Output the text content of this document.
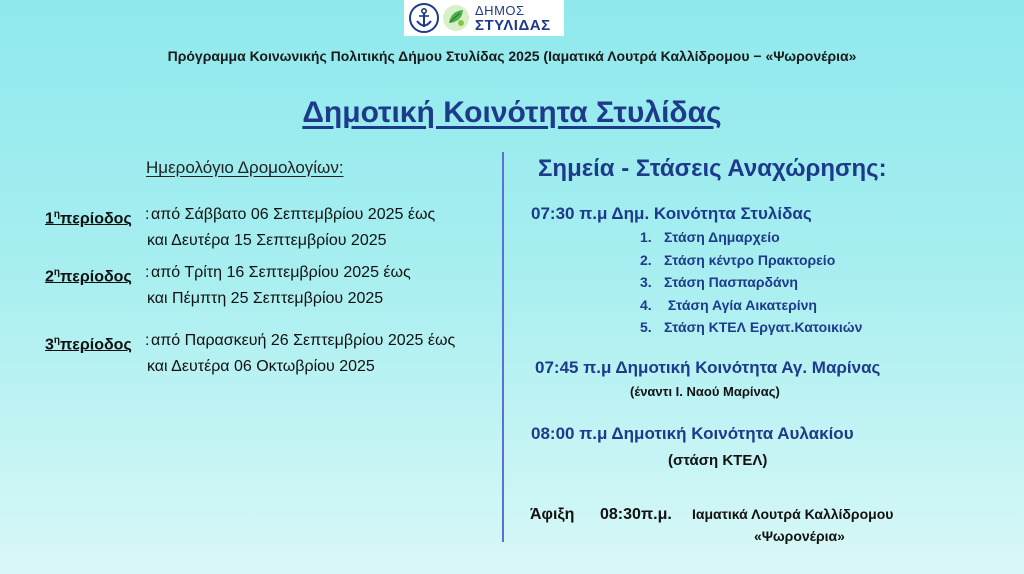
ΔΗΜΟΣ
ΣΤΥΛΙΔΑΣ
Πρόγραμμα Κοινωνικής Πολιτικής Δήμου Στυλίδας 2025 (Ιαματικά Λουτρά Καλλίδρομου − «Ψωρονέρια»
Δημοτική Κοινότητα Στυλίδας
Ημερολόγιο Δρομολογίων:
$1^\eta\pi\varepsilon\rho ίo\delta o\varsigma$ : από Σάββατο 06 Σεπτεμβρίου 2025 έως
και Δευτέρα 15 Σεπτεμβρίου 2025
$2^\eta\pi\varepsilon\rho ίo\delta o\varsigma$ : από Τρίτη 16 Σεπτεμβρίου 2025 έως
και Πέμπτη 25 Σεπτεμβρίου 2025
$3^\eta\pi\varepsilon\rho ίo\delta o\varsigma$ : από Παρασκευή 26 Σεπτεμβρίου 2025 έως
και Δευτέρα 06 Οκτωβρίου 2025
Σημεία - Στάσεις Αναχώρησης:
07:30 π.μ Δημ. Κοινότητα Στυλίδας
1. Στάση Δημαρχείο
2. Στάση κέντρο Πρακτορείο
3. Στάση Πασπαρδάνη
4. Στάση Αγία Αικατερίνη
5. Στάση ΚΤΕΛ Εργατ.Κατοικιών
07:45 π.μ Δημοτική Κοινότητα Αγ. Μαρίνας
(έναντι Ι. Ναού Μαρίνας)
08:00 π.μ Δημοτική Κοινότητα Αυλακίου
(στάση ΚΤΕΛ)
Άφιξη	08:30π.μ.	Ιαματικά Λουτρά Καλλίδρομου
«Ψωρονέρια»
